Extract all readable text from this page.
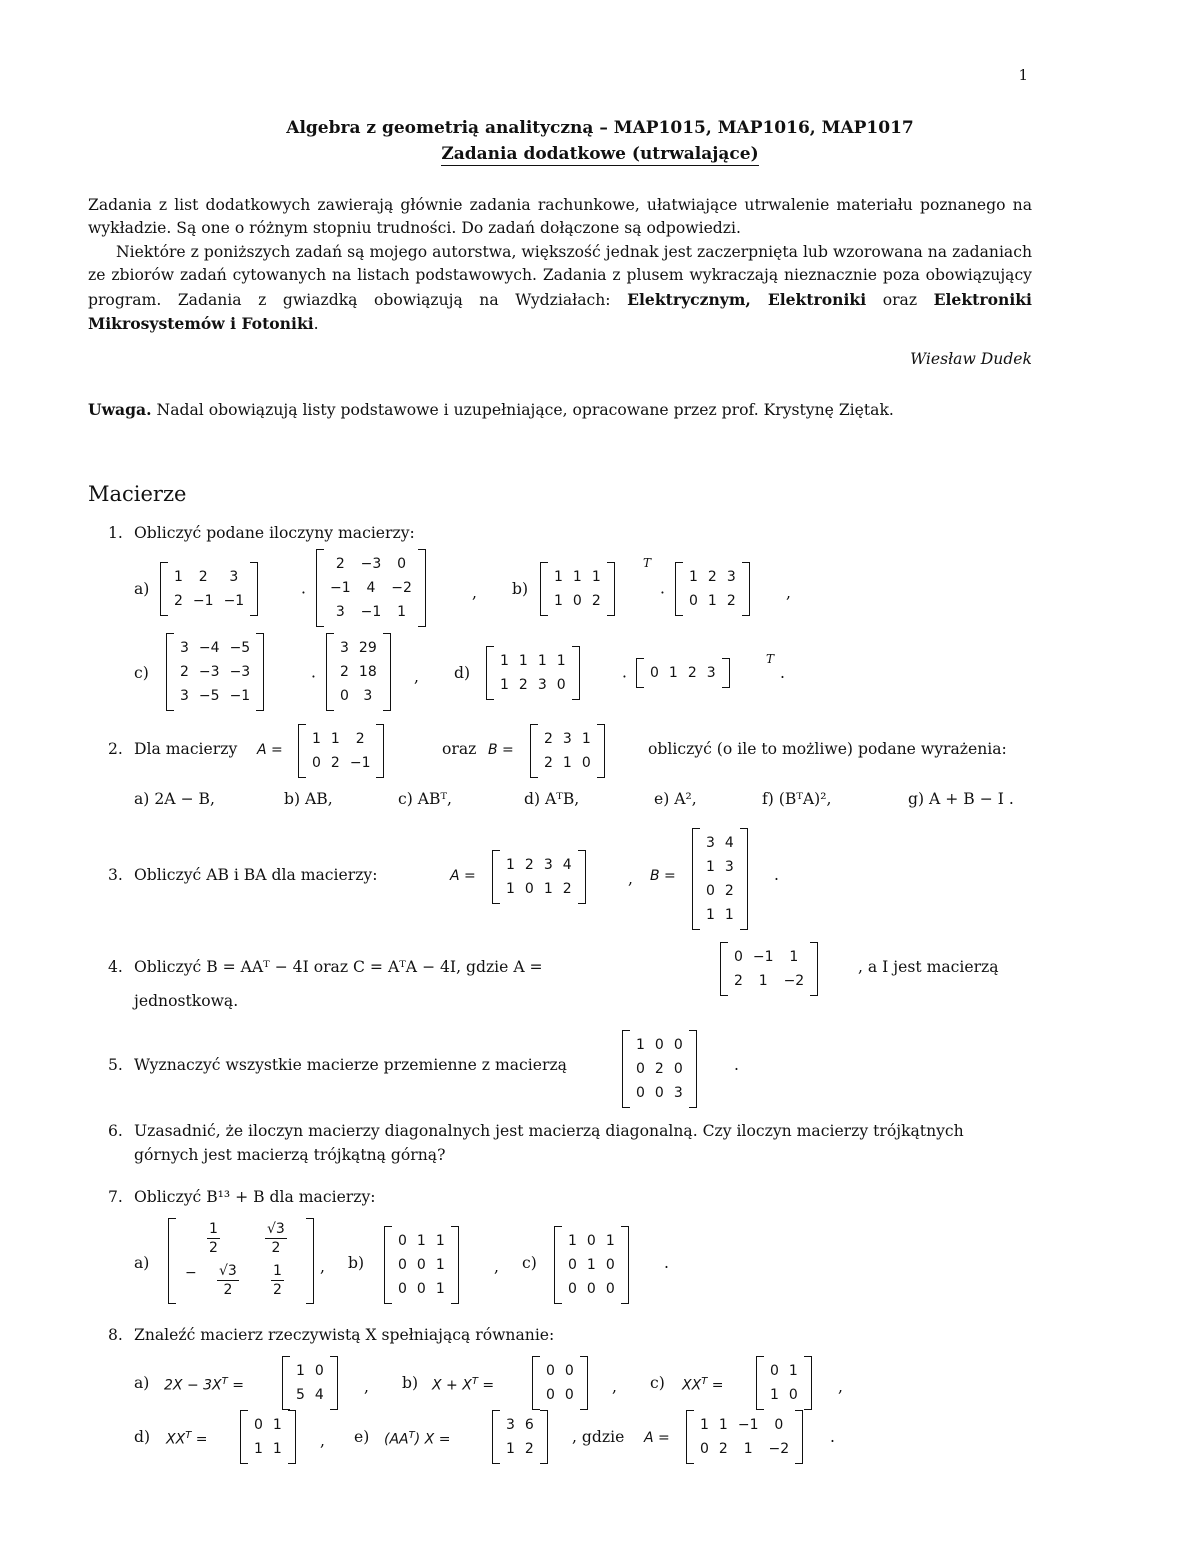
1
Algebra z geometrią analityczną – MAP1015, MAP1016, MAP1017
Zadania dodatkowe (utrwalające)

Zadania z list dodatkowych zawierają głównie zadania rachunkowe, ułatwiające utrwalenie materiału poznanego na wykładzie. Są one o różnym stopniu trudności. Do zadań dołączone są odpowiedzi.

Niektóre z poniższych zadań są mojego autorstwa, większość jednak jest zaczerpnięta lub wzorowana na zadaniach ze zbiorów zadań cytowanych na listach podstawowych. Zadania z plusem wykraczają nieznacznie poza obowiązujący program. Zadania z gwiazdką obowiązują na Wydziałach: Elektrycznym, Elektroniki oraz Elektroniki Mikrosystemów i Fotoniki.

Wiesław Dudek
Uwaga. Nadal obowiązują listy podstawowe i uzupełniające, opracowane przez prof. Krystynę Ziętak.
Macierze
1. Obliczyć podane iloczyny macierzy:
a)
1	2	3
2	−1	−1	·
2	−3	0
−1	4	−2
3	−1	1
, b)
1	1	1
1	0	2
T
·
1	2	3
0	1	2	,
c)
3	−4	−5
2	−3	−3
3	−5	−1
·
3	29
2	18
0	3
, d)
1	1	1	1
1	2	3	0	· 0	1	2	3
T
.
2. Dla macierzy A =
1	1	2
0	2	−1
oraz B =
2	3	1
2	1	0
obliczyć (o ile to możliwe) podane wyrażenia:
a) 2A − B,	b) AB,	c) ABᵀ,	d) AᵀB,	e) A²,	f) (BᵀA)²,	g) A + B − I .
3. Obliczyć AB i BA dla macierzy:	A =
1	2	3	4
1	0	1	2
, B =
3	4
1	3
0	2
1	1
.
4. Obliczyć B = AAᵀ − 4I oraz C = AᵀA − 4I, gdzie A =
0	−1	1
2	1	−2
, a I jest macierzą
jednostkową.
5. Wyznaczyć wszystkie macierze przemienne z macierzą
1	0	0
0	2	0
0	0	3
.
6. Uzasadnić, że iloczyn macierzy diagonalnych jest macierzą diagonalną. Czy iloczyn macierzy trójkątnych
górnych jest macierzą trójkątną górną?
7. Obliczyć B¹³ + B dla macierzy:
a)
$\frac{1}{2}$	$\frac{√3}{2}$
− $\frac{√3}{2} \frac{1}{2}$ , b)
0	1	1
0	0	1
0	0	1
, c)
1	0	1
0	1	0
0	0	0
.
8. Znaleźć macierz rzeczywistą X spełniającą równanie:
a) $2X - 3X^T$ =
1	0
5	4	, b) $X + X^T$ =
0	0
0	0 , c) $XX^T$ =
0	1
1	0	,
d) $XX^T$ =
0	1
1	1 , e) $(AA^T) X$ =
3	6
1	2
, gdzie A =
1	1	−1	0
0	2	1	−2
.
